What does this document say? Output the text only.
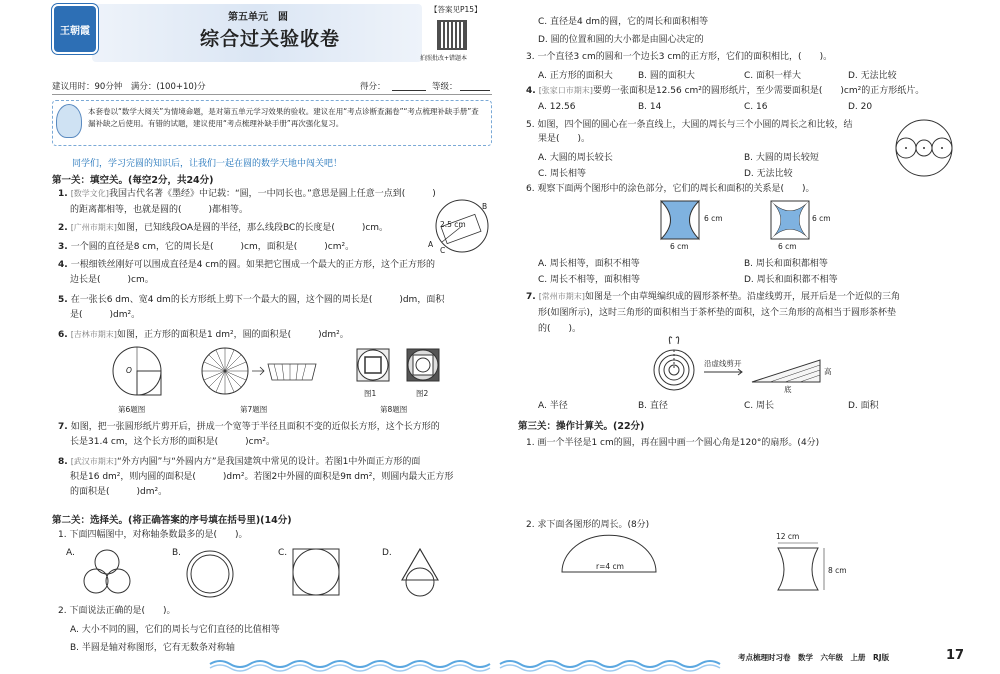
王朝霞
第五单元　圆
综合过关验收卷
【答案见P15】
拍照批改+错题本
建议用时：90分钟　满分：(100+10)分	得分：	等级：
本套卷以“数学大阅关”为情境命题，是对第五单元学习效果的验收。建议在用“考点诊断查漏卷”“考点梳理补缺手册”查漏补缺之后使用。有错的试题，建议使用“考点梳理补缺手册”再次强化复习。
同学们，学习完圆的知识后，让我们一起在圆的数学天地中闯关吧！
第一关：填空关。(每空2分，共24分)
1. [数学文化]我国古代名著《墨经》中记载：“圆，一中同长也。”意思是圆上任意一点到(　　　)
的距离都相等，也就是圆的(　　　)都相等。
2. [广州市期末]如图，已知线段OA是圆的半径，那么线段BC的长度是(　　　)cm。
3. 一个圆的直径是8 cm，它的周长是(　　　)cm，面积是(　　　)cm²。
4. 一根细铁丝刚好可以围成直径是4 cm的圆。如果把它围成一个最大的正方形，这个正方形的
边长是(　　　)cm。
5. 在一张长6 dm、宽4 dm的长方形纸上剪下一个最大的圆，这个圆的周长是(　　　)dm，面积
是(　　　)dm²。
6. [吉林市期末]如图，正方形的面积是1 dm²，圆的面积是(　　　)dm²。
2.5 cm
B
A
C
O
第6题图	第7题图
图1	图2
第8题图
7. 如图，把一张圆形纸片剪开后，拼成一个宽等于半径且面积不变的近似长方形，这个长方形的
长是31.4 cm，这个长方形的面积是(　　　)cm²。
8. [武汉市期末]“外方内圆”与“外圆内方”是我国建筑中常见的设计。若图1中外面正方形的面
积是16 dm²，则内圆的面积是(　　　)dm²。若图2中外圆的面积是9π dm²，则圆内最大正方形
的面积是(　　　)dm²。
第二关：选择关。(将正确答案的序号填在括号里)(14分)
1. 下面四幅图中，对称轴条数最多的是(　　)。
A.	B.	C.	D.
2. 下面说法正确的是(　　)。
A. 大小不同的圆，它们的周长与它们直径的比值相等
B. 半圆是轴对称图形，它有无数条对称轴
C. 直径是4 dm的圆，它的周长和面积相等
D. 圆的位置和圆的大小都是由圆心决定的
3. 一个直径3 cm的圆和一个边长3 cm的正方形，它们的面积相比，(　　)。
A. 正方形的面积大	B. 圆的面积大	C. 面积一样大	D. 无法比较
4. [张家口市期末]要剪一张面积是12.56 cm²的圆形纸片，至少需要面积是(　　)cm²的正方形纸片。
A. 12.56	B. 14	C. 16	D. 20
5. 如图，四个圆的圆心在一条直线上，大圆的周长与三个小圆的周长之和比较，结
果是(　　)。
A. 大圆的周长较长	B. 大圆的周长较短
C. 周长相等	D. 无法比较
6. 观察下面两个图形中的涂色部分，它们的周长和面积的关系是(　　)。
6 cm
6 cm
6 cm
6 cm
A. 周长相等，面积不相等	B. 周长和面积都相等
C. 周长不相等，面积相等	D. 周长和面积都不相等
7. [常州市期末]如图是一个由草绳编织成的圆形茶杯垫。沿虚线剪开，展开后是一个近似的三角
形(如图所示)，这时三角形的面积相当于茶杯垫的面积，这个三角形的高相当于圆形茶杯垫
的(　　)。
沿虚线剪开
高
底
A. 半径	B. 直径	C. 周长	D. 面积
第三关：操作计算关。(22分)
1. 画一个半径是1 cm的圆，再在圆中画一个圆心角是120°的扇形。(4分)
2. 求下面各图形的周长。(8分)
r=4 cm
12 cm
8 cm
考点梳理时习卷　数学　六年级　上册　RJ版	17
